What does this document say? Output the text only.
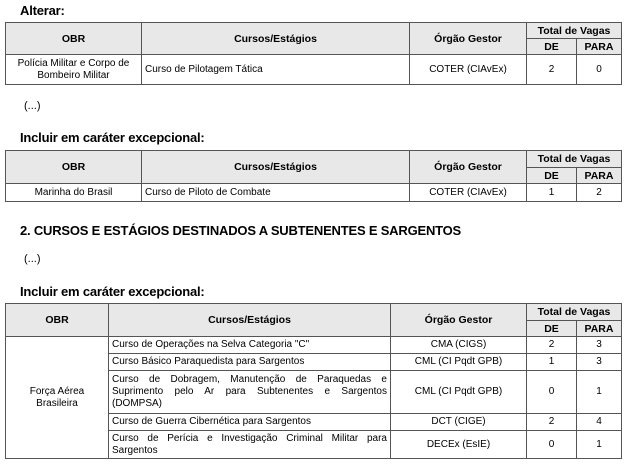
Alterar:
OBR	Cursos/Estágios	Órgão Gestor	Total de Vagas	
			DE	PARA
Polícia Militar e Corpo de Bombeiro Militar	Curso de Pilotagem Tática	COTER (CIAvEx)	2	0
(...)
Incluir em caráter excepcional:
OBR	Cursos/Estágios	Órgão Gestor	Total de Vagas	
			DE	PARA
Marinha do Brasil	Curso de Piloto de Combate	COTER (CIAvEx)	1	2
2. CURSOS E ESTÁGIOS DESTINADOS A SUBTENENTES E SARGENTOS
(...)
Incluir em caráter excepcional:
OBR	Cursos/Estágios	Órgão Gestor	Total de Vagas	
			DE	PARA
Força Aérea Brasileira	Curso de Operações na Selva Categoria "C"	CMA (CIGS)	2	3
	Curso Básico Paraquedista para Sargentos	CML (CI Pqdt GPB)	1	3
	Curso de Dobragem, Manutenção de Paraquedas e Suprimento pelo Ar para Subtenentes e Sargentos (DOMPSA)	CML (CI Pqdt GPB)	0	1
	Curso de Guerra Cibernética para Sargentos	DCT (CIGE)	2	4
	Curso de Perícia e Investigação Criminal Militar para Sargentos	DECEx (EsIE)	0	1
